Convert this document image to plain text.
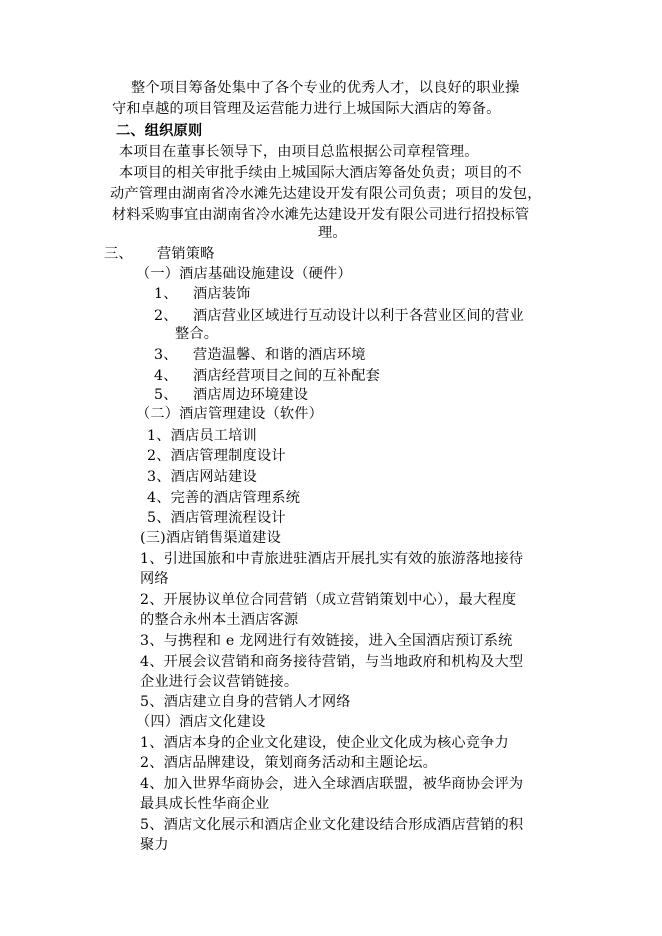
整个项目筹备处集中了各个专业的优秀人才，以良好的职业操
守和卓越的项目管理及运营能力进行上城国际大酒店的筹备。
二、组织原则
本项目在董事长领导下，由项目总监根据公司章程管理。
本项目的相关审批手续由上城国际大酒店筹备处负责；项目的不
动产管理由湖南省冷水滩先达建设开发有限公司负责；项目的发包，
材料采购事宜由湖南省冷水滩先达建设开发有限公司进行招投标管
理。
三、 营销策略
（一）酒店基础设施建设（硬件）
1、 酒店装饰
2、 酒店营业区域进行互动设计以利于各营业区间的营业
整合。
3、 营造温馨、和谐的酒店环境
4、 酒店经营项目之间的互补配套
5、 酒店周边环境建设
（二）酒店管理建设（软件）
1、酒店员工培训
2、酒店管理制度设计
3、酒店网站建设
4、完善的酒店管理系统
5、酒店管理流程设计
(三)酒店销售渠道建设
1、引进国旅和中青旅进驻酒店开展扎实有效的旅游落地接待
网络
2、开展协议单位合同营销（成立营销策划中心），最大程度
的整合永州本土酒店客源
3、与携程和 e 龙网进行有效链接，进入全国酒店预订系统
4、开展会议营销和商务接待营销，与当地政府和机构及大型
企业进行会议营销链接。
5、酒店建立自身的营销人才网络
（四）酒店文化建设
1、酒店本身的企业文化建设，使企业文化成为核心竞争力
2、酒店品牌建设，策划商务活动和主题论坛。
4、加入世界华商协会，进入全球酒店联盟，被华商协会评为
最具成长性华商企业
5、酒店文化展示和酒店企业文化建设结合形成酒店营销的积
聚力
